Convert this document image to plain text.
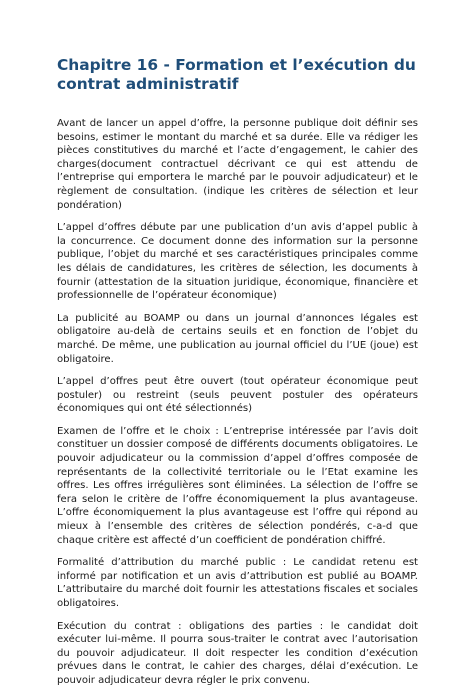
Chapitre 16 - Formation et l’exécution du contrat administratif

Avant de lancer un appel d’offre, la personne publique doit définir ses besoins, estimer le montant du marché et sa durée. Elle va rédiger les pièces constitutives du marché et l’acte d’engagement, le cahier des charges(document contractuel décrivant ce qui est attendu de l’entreprise qui emportera le marché par le pouvoir adjudicateur) et le règlement de consultation. (indique les critères de sélection et leur pondération)

L’appel d’offres débute par une publication d’un avis d’appel public à la concurrence. Ce document donne des information sur la personne publique, l’objet du marché et ses caractéristiques principales comme les délais de candidatures, les critères de sélection, les documents à fournir (attestation de la situation juridique, économique, financière et professionnelle de l’opérateur économique)

La publicité au BOAMP ou dans un journal d’annonces légales est obligatoire au-delà de certains seuils et en fonction de l’objet du marché. De même, une publication au journal officiel du l’UE (joue) est obligatoire.

L’appel d’offres peut être ouvert (tout opérateur économique peut postuler) ou restreint (seuls peuvent postuler des opérateurs économiques qui ont été sélectionnés)

Examen de l’offre et le choix : L’entreprise intéressée par l’avis doit constituer un dossier composé de différents documents obligatoires. Le pouvoir adjudicateur ou la commission d’appel d’offres composée de représentants de la collectivité territoriale ou le l’Etat examine les offres. Les offres irrégulières sont éliminées. La sélection de l’offre se fera selon le critère de l’offre économiquement la plus avantageuse. L’offre économiquement la plus avantageuse est l’offre qui répond au mieux à l’ensemble des critères de sélection pondérés, c-a-d que chaque critère est affecté d’un coefficient de pondération chiffré.

Formalité d’attribution du marché public : Le candidat retenu est informé par notification et un avis d’attribution est publié au BOAMP. L’attributaire du marché doit fournir les attestations fiscales et sociales obligatoires.

Exécution du contrat : obligations des parties : le candidat doit exécuter lui-même. Il pourra sous-traiter le contrat avec l’autorisation du pouvoir adjudicateur. Il doit respecter les condition d’exécution prévues dans le contrat, le cahier des charges, délai d’exécution. Le pouvoir adjudicateur devra régler le prix convenu.
